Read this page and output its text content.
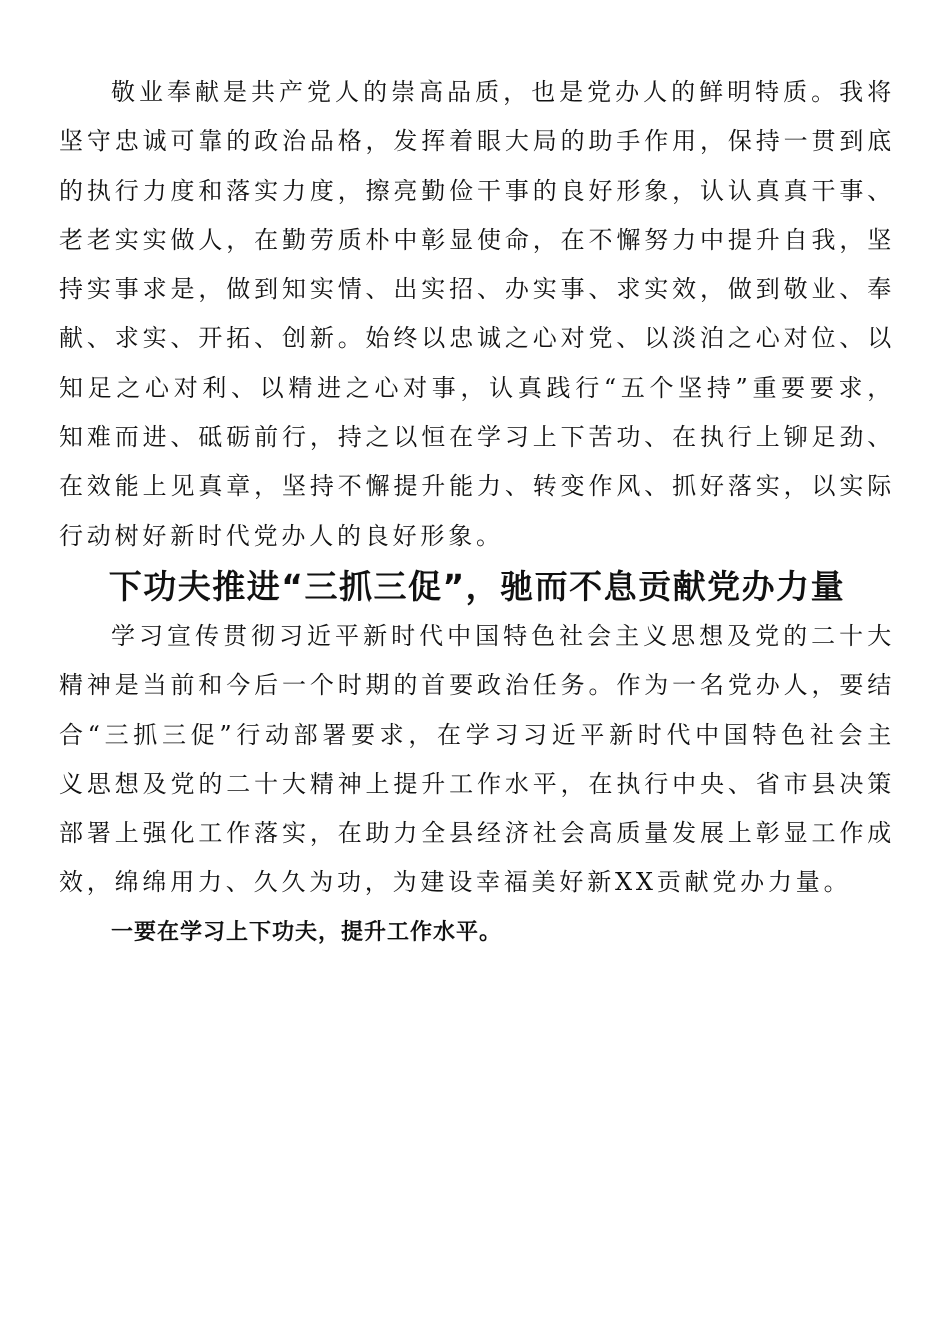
敬业奉献是共产党人的崇高品质，也是党办人的鲜明特质。我将坚守忠诚可靠的政治品格，发挥着眼大局的助手作用，保持一贯到底的执行力度和落实力度，擦亮勤俭干事的良好形象，认认真真干事、老老实实做人，在勤劳质朴中彰显使命，在不懈努力中提升自我，坚持实事求是，做到知实情、出实招、办实事、求实效，做到敬业、奉献、求实、开拓、创新。始终以忠诚之心对党、以淡泊之心对位、以知足之心对利、以精进之心对事，认真践行“五个坚持”重要要求，知难而进、砥砺前行，持之以恒在学习上下苦功、在执行上铆足劲、在效能上见真章，坚持不懈提升能力、转变作风、抓好落实，以实际行动树好新时代党办人的良好形象。

下功夫推进“三抓三促”，驰而不息贡献党办力量

学习宣传贯彻习近平新时代中国特色社会主义思想及党的二十大精神是当前和今后一个时期的首要政治任务。作为一名党办人，要结合“三抓三促”行动部署要求，在学习习近平新时代中国特色社会主义思想及党的二十大精神上提升工作水平，在执行中央、省市县决策部署上强化工作落实，在助力全县经济社会高质量发展上彰显工作成效，绵绵用力、久久为功，为建设幸福美好新XX贡献党办力量。

一要在学习上下功夫，提升工作水平。
